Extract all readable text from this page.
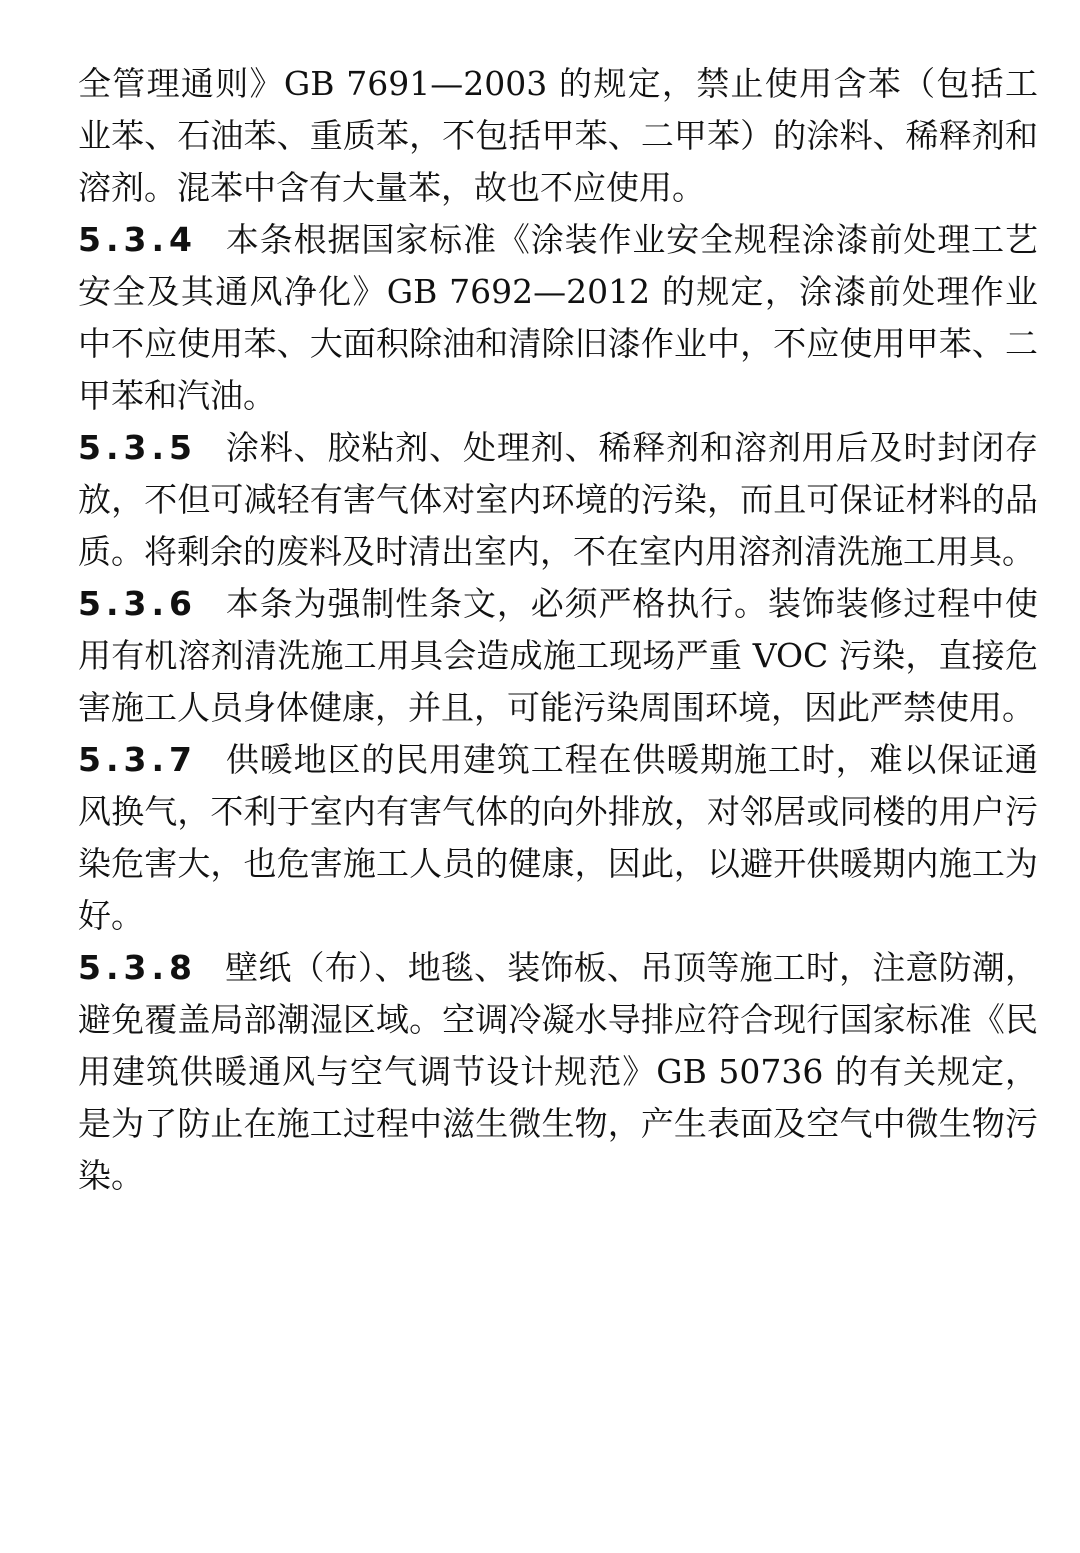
全管理通则》GB 7691—2003 的规定，禁止使用含苯（包括工业苯、石油苯、重质苯，不包括甲苯、二甲苯）的涂料、稀释剂和溶剂。混苯中含有大量苯，故也不应使用。

5.3.4 本条根据国家标准《涂装作业安全规程涂漆前处理工艺安全及其通风净化》GB 7692—2012 的规定，涂漆前处理作业中不应使用苯、大面积除油和清除旧漆作业中，不应使用甲苯、二甲苯和汽油。

5.3.5 涂料、胶粘剂、处理剂、稀释剂和溶剂用后及时封闭存放，不但可减轻有害气体对室内环境的污染，而且可保证材料的品质。将剩余的废料及时清出室内，不在室内用溶剂清洗施工用具。

5.3.6 本条为强制性条文，必须严格执行。装饰装修过程中使用有机溶剂清洗施工用具会造成施工现场严重 VOC 污染，直接危害施工人员身体健康，并且，可能污染周围环境，因此严禁使用。

5.3.7 供暖地区的民用建筑工程在供暖期施工时，难以保证通风换气，不利于室内有害气体的向外排放，对邻居或同楼的用户污染危害大，也危害施工人员的健康，因此，以避开供暖期内施工为好。

5.3.8 壁纸（布）、地毯、装饰板、吊顶等施工时，注意防潮，避免覆盖局部潮湿区域。空调冷凝水导排应符合现行国家标准《民用建筑供暖通风与空气调节设计规范》GB 50736 的有关规定，是为了防止在施工过程中滋生微生物，产生表面及空气中微生物污染。
